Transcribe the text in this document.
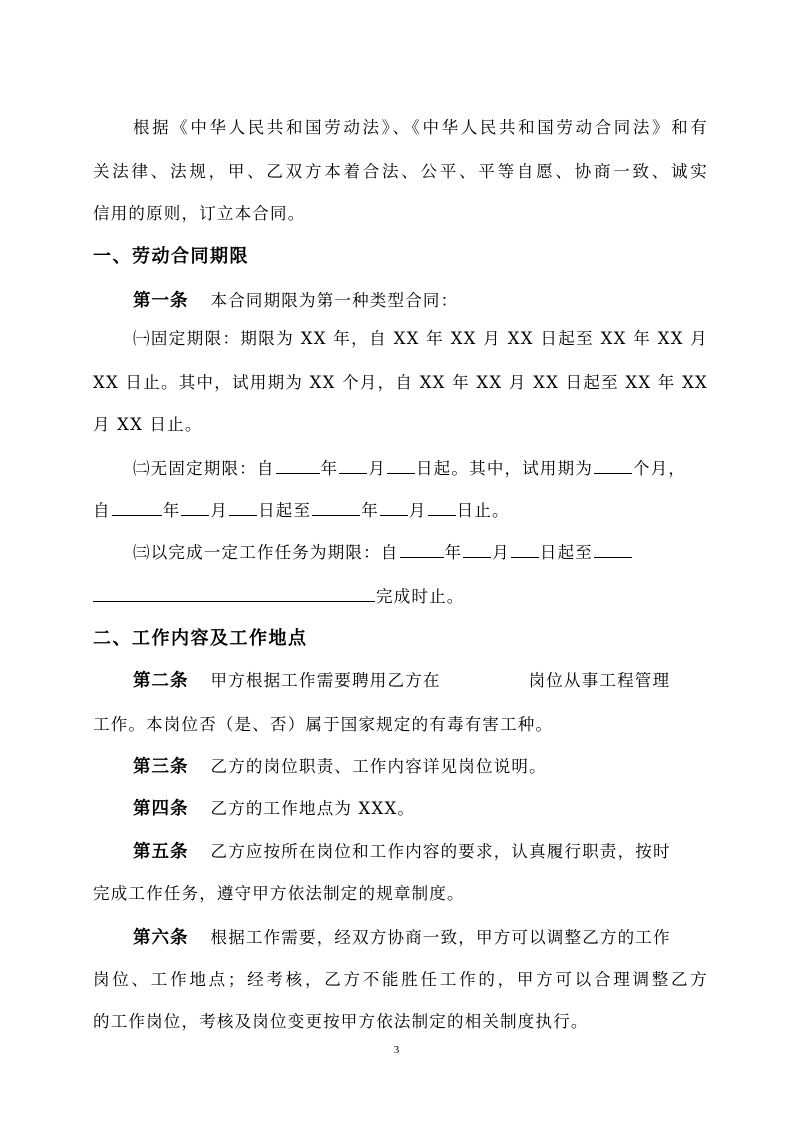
根据《中华人民共和国劳动法》、《中华人民共和国劳动合同法》和有
关法律、法规，甲、乙双方本着合法、公平、平等自愿、协商一致、诚实
信用的原则，订立本合同。
一、劳动合同期限
第一条 本合同期限为第一种类型合同：
㈠固定期限：期限为 XX 年，自 XX 年 XX 月 XX 日起至 XX 年 XX 月
XX 日止。其中，试用期为 XX 个月，自 XX 年 XX 月 XX 日起至 XX 年 XX
月 XX 日止。
㈡无固定期限：自	年 月 日起。其中，试用期为 个月，
自	年 月 日起至	年 月 日止。
㈢以完成一定工作任务为期限：自	年 月 日起至
完成时止。
二、工作内容及工作地点
第二条 甲方根据工作需要聘用乙方在	岗位从事工程管理
工作。本岗位否（是、否）属于国家规定的有毒有害工种。
第三条 乙方的岗位职责、工作内容详见岗位说明。
第四条 乙方的工作地点为 XXX。
第五条 乙方应按所在岗位和工作内容的要求，认真履行职责，按时
完成工作任务，遵守甲方依法制定的规章制度。
第六条 根据工作需要，经双方协商一致，甲方可以调整乙方的工作
岗位、工作地点；经考核，乙方不能胜任工作的，甲方可以合理调整乙方
的工作岗位，考核及岗位变更按甲方依法制定的相关制度执行。
3
